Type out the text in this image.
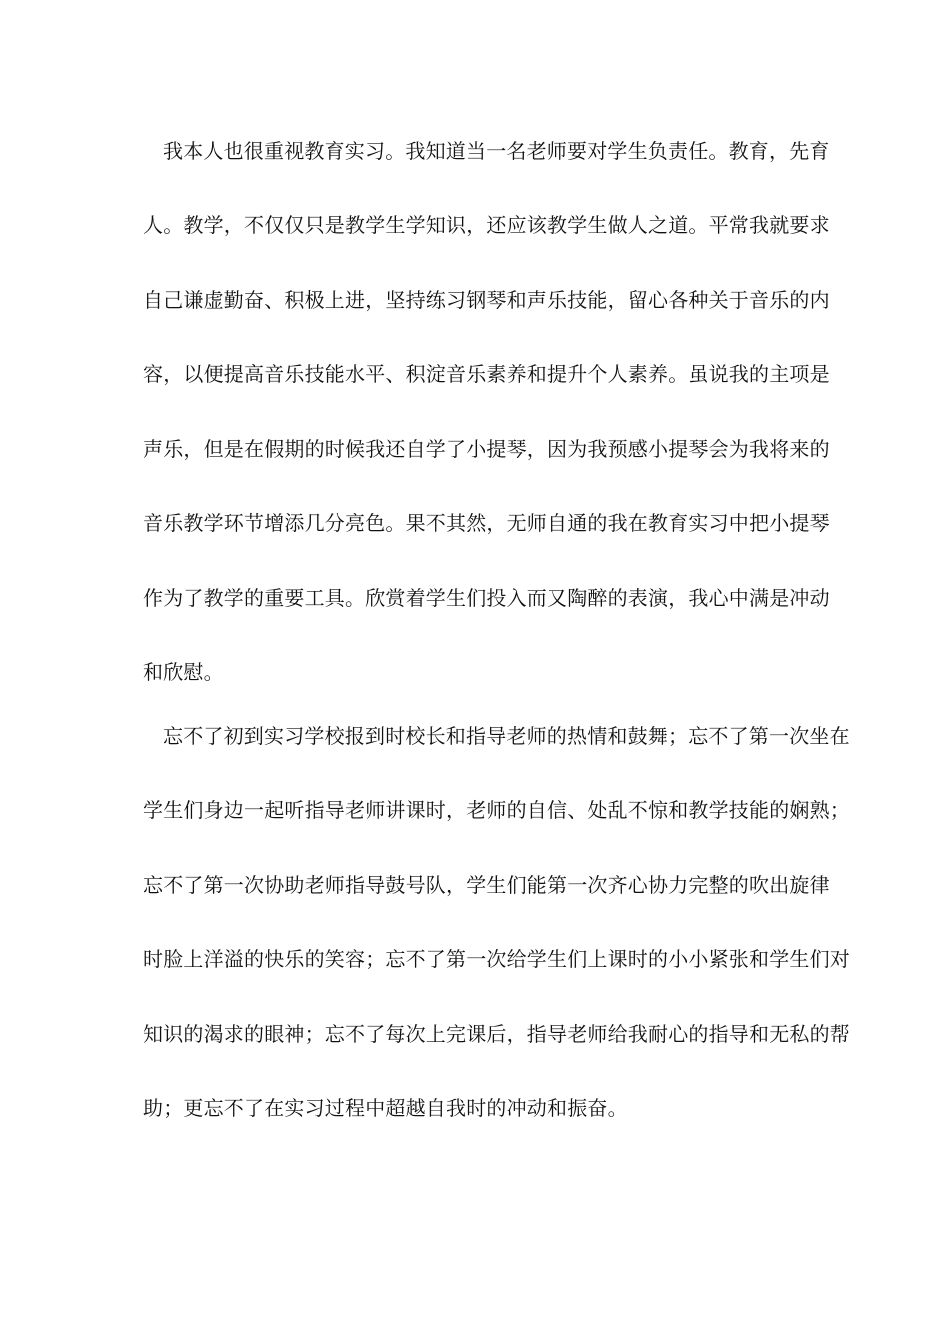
我本人也很重视教育实习。我知道当一名老师要对学生负责任。教育，先育
人。教学，不仅仅只是教学生学知识，还应该教学生做人之道。平常我就要求
自己谦虚勤奋、积极上进，坚持练习钢琴和声乐技能，留心各种关于音乐的内
容，以便提高音乐技能水平、积淀音乐素养和提升个人素养。虽说我的主项是
声乐，但是在假期的时候我还自学了小提琴，因为我预感小提琴会为我将来的
音乐教学环节增添几分亮色。果不其然，无师自通的我在教育实习中把小提琴
作为了教学的重要工具。欣赏着学生们投入而又陶醉的表演，我心中满是冲动
和欣慰。
忘不了初到实习学校报到时校长和指导老师的热情和鼓舞；忘不了第一次坐在
学生们身边一起听指导老师讲课时，老师的自信、处乱不惊和教学技能的娴熟；
忘不了第一次协助老师指导鼓号队，学生们能第一次齐心协力完整的吹出旋律
时脸上洋溢的快乐的笑容；忘不了第一次给学生们上课时的小小紧张和学生们对
知识的渴求的眼神；忘不了每次上完课后，指导老师给我耐心的指导和无私的帮
助；更忘不了在实习过程中超越自我时的冲动和振奋。
